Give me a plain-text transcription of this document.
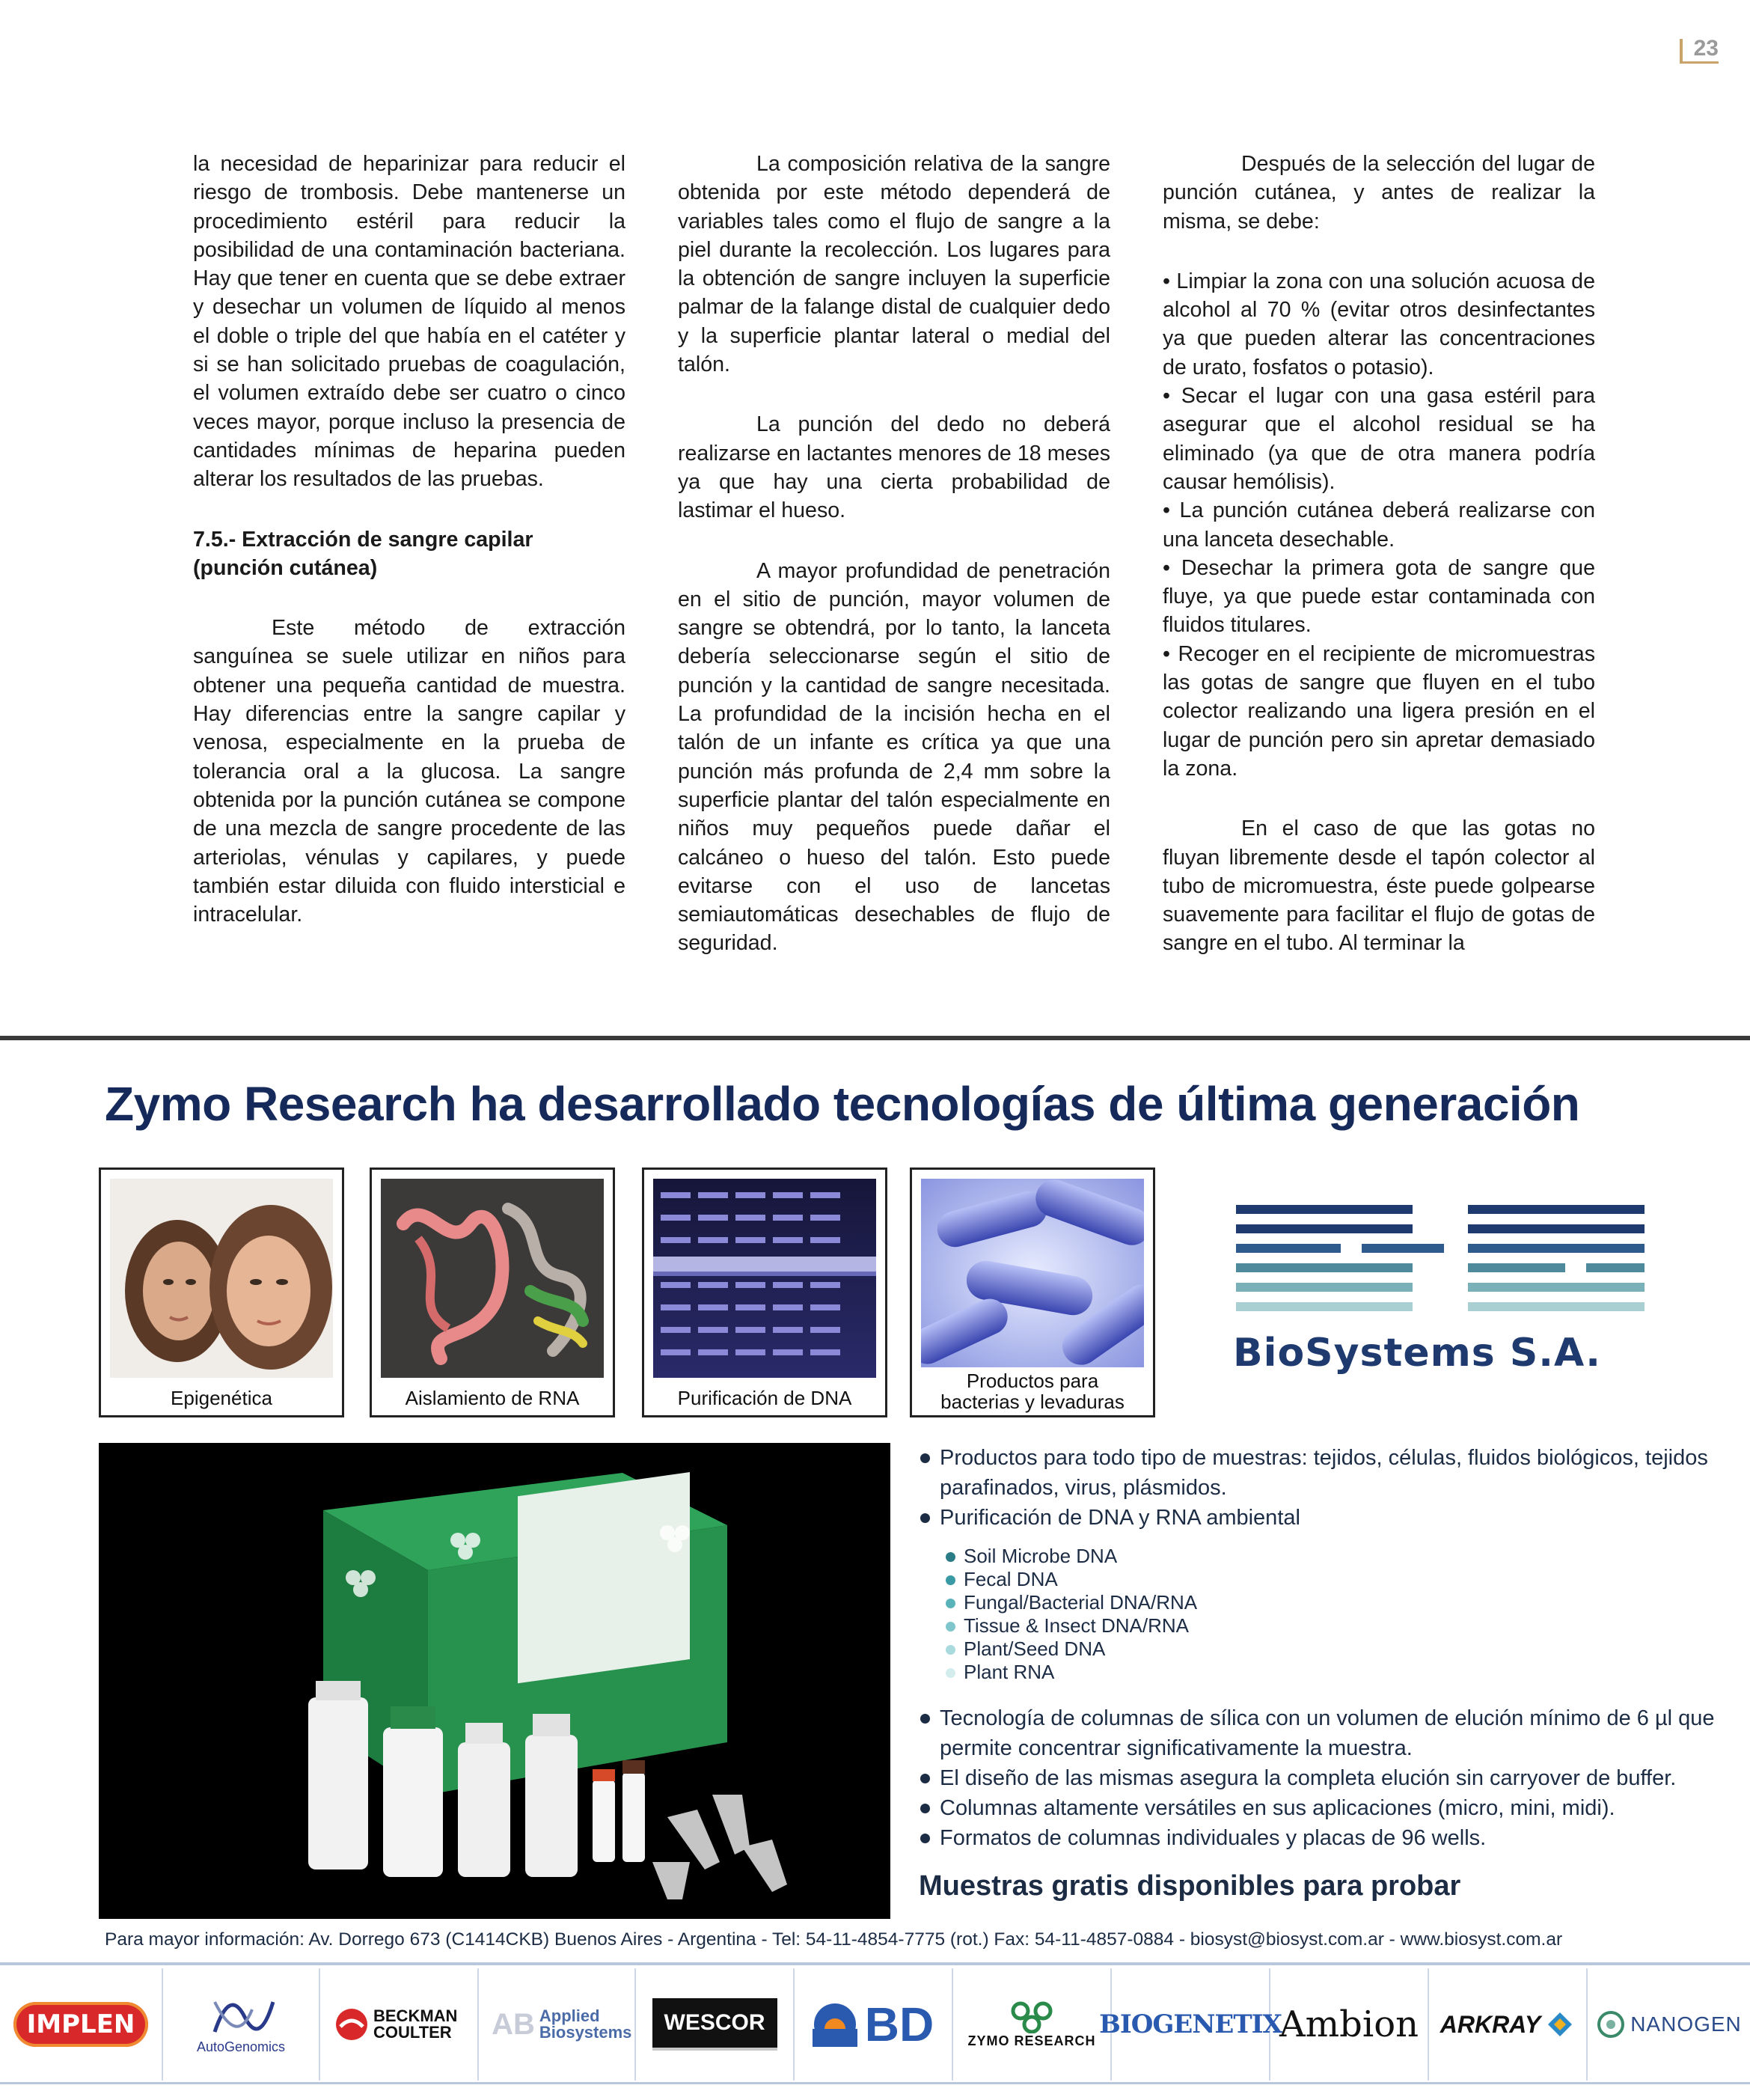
23

la necesidad de heparinizar para reducir el riesgo de trombosis. Debe mantenerse un procedimiento estéril para reducir la posibilidad de una contaminación bacteriana. Hay que tener en cuenta que se debe extraer y desechar un volumen de líquido al menos el doble o triple del que había en el catéter y si se han solicitado pruebas de coagulación, el volumen extraído debe ser cuatro o cinco veces mayor, porque incluso la presencia de cantidades mínimas de heparina pueden alterar los resultados de las pruebas.

7.5.- Extracción de sangre capilar (punción cutánea)

Este método de extracción sanguínea se suele utilizar en niños para obtener una pequeña cantidad de muestra. Hay diferencias entre la sangre capilar y venosa, especialmente en la prueba de tolerancia oral a la glucosa. La sangre obtenida por la punción cutánea se compone de una mezcla de sangre procedente de las arteriolas, vénulas y capilares, y puede también estar diluida con fluido intersticial e intracelular.

La composición relativa de la sangre obtenida por este método dependerá de variables tales como el flujo de sangre a la piel durante la recolección. Los lugares para la obtención de sangre incluyen la superficie palmar de la falange distal de cualquier dedo y la superficie plantar lateral o medial del talón.

La punción del dedo no deberá realizarse en lactantes menores de 18 meses ya que hay una cierta probabilidad de lastimar el hueso.

A mayor profundidad de penetración en el sitio de punción, mayor volumen de sangre se obtendrá, por lo tanto, la lanceta debería seleccionarse según el sitio de punción y la cantidad de sangre necesitada. La profundidad de la incisión hecha en el talón de un infante es crítica ya que una punción más profunda de 2,4 mm sobre la superficie plantar del talón especialmente en niños muy pequeños puede dañar el calcáneo o hueso del talón. Esto puede evitarse con el uso de lancetas semiautomáticas desechables de flujo de seguridad.

Después de la selección del lugar de punción cutánea, y antes de realizar la misma, se debe:

• Limpiar la zona con una solución acuosa de alcohol al 70 % (evitar otros desinfectantes ya que pueden alterar las concentraciones de urato, fosfatos o potasio).
• Secar el lugar con una gasa estéril para asegurar que el alcohol residual se ha eliminado (ya que de otra manera podría causar hemólisis).
• La punción cutánea deberá realizarse con una lanceta desechable.
• Desechar la primera gota de sangre que fluye, ya que puede estar contaminada con fluidos titulares.
• Recoger en el recipiente de micromuestras las gotas de sangre que fluyen en el tubo colector realizando una ligera presión en el lugar de punción pero sin apretar demasiado la zona.

En el caso de que las gotas no fluyan libremente desde el tapón colector al tubo de micromuestra, éste puede golpearse suavemente para facilitar el flujo de gotas de sangre en el tubo. Al terminar la

Zymo Research ha desarrollado tecnologías de última generación
Epigenética	Aislamiento de RNA	Purificación de DNA
Productos para
bacterias y levaduras
BioSystems S.A.
Productos para todo tipo de muestras: tejidos, células, fluidos biológicos, tejidos parafinados, virus, plásmidos.
Purificación de DNA y RNA ambiental
Soil Microbe DNA
Fecal DNA
Fungal/Bacterial DNA/RNA
Tissue & Insect DNA/RNA
Plant/Seed DNA
Plant RNA
Tecnología de columnas de sílica con un volumen de elución mínimo de 6 µl que permite concentrar significativamente la muestra.
El diseño de las mismas asegura la completa elución sin carryover de buffer.
Columnas altamente versátiles en sus aplicaciones (micro, mini, midi).
Formatos de columnas individuales y placas de 96 wells.
Muestras gratis disponibles para probar
Para mayor información: Av. Dorrego 673 (C1414CKB) Buenos Aires - Argentina - Tel: 54-11-4854-7775 (rot.) Fax: 54-11-4857-0884 - biosyst@biosyst.com.ar - www.biosyst.com.ar
IMPLEN
AutoGenomics
BECKMAN COULTER	AB Applied Biosystems	WESCOR BD	ZYMO RESEARCH
BIOGENETIX
Ambion ARKRAY	NANOGEN
